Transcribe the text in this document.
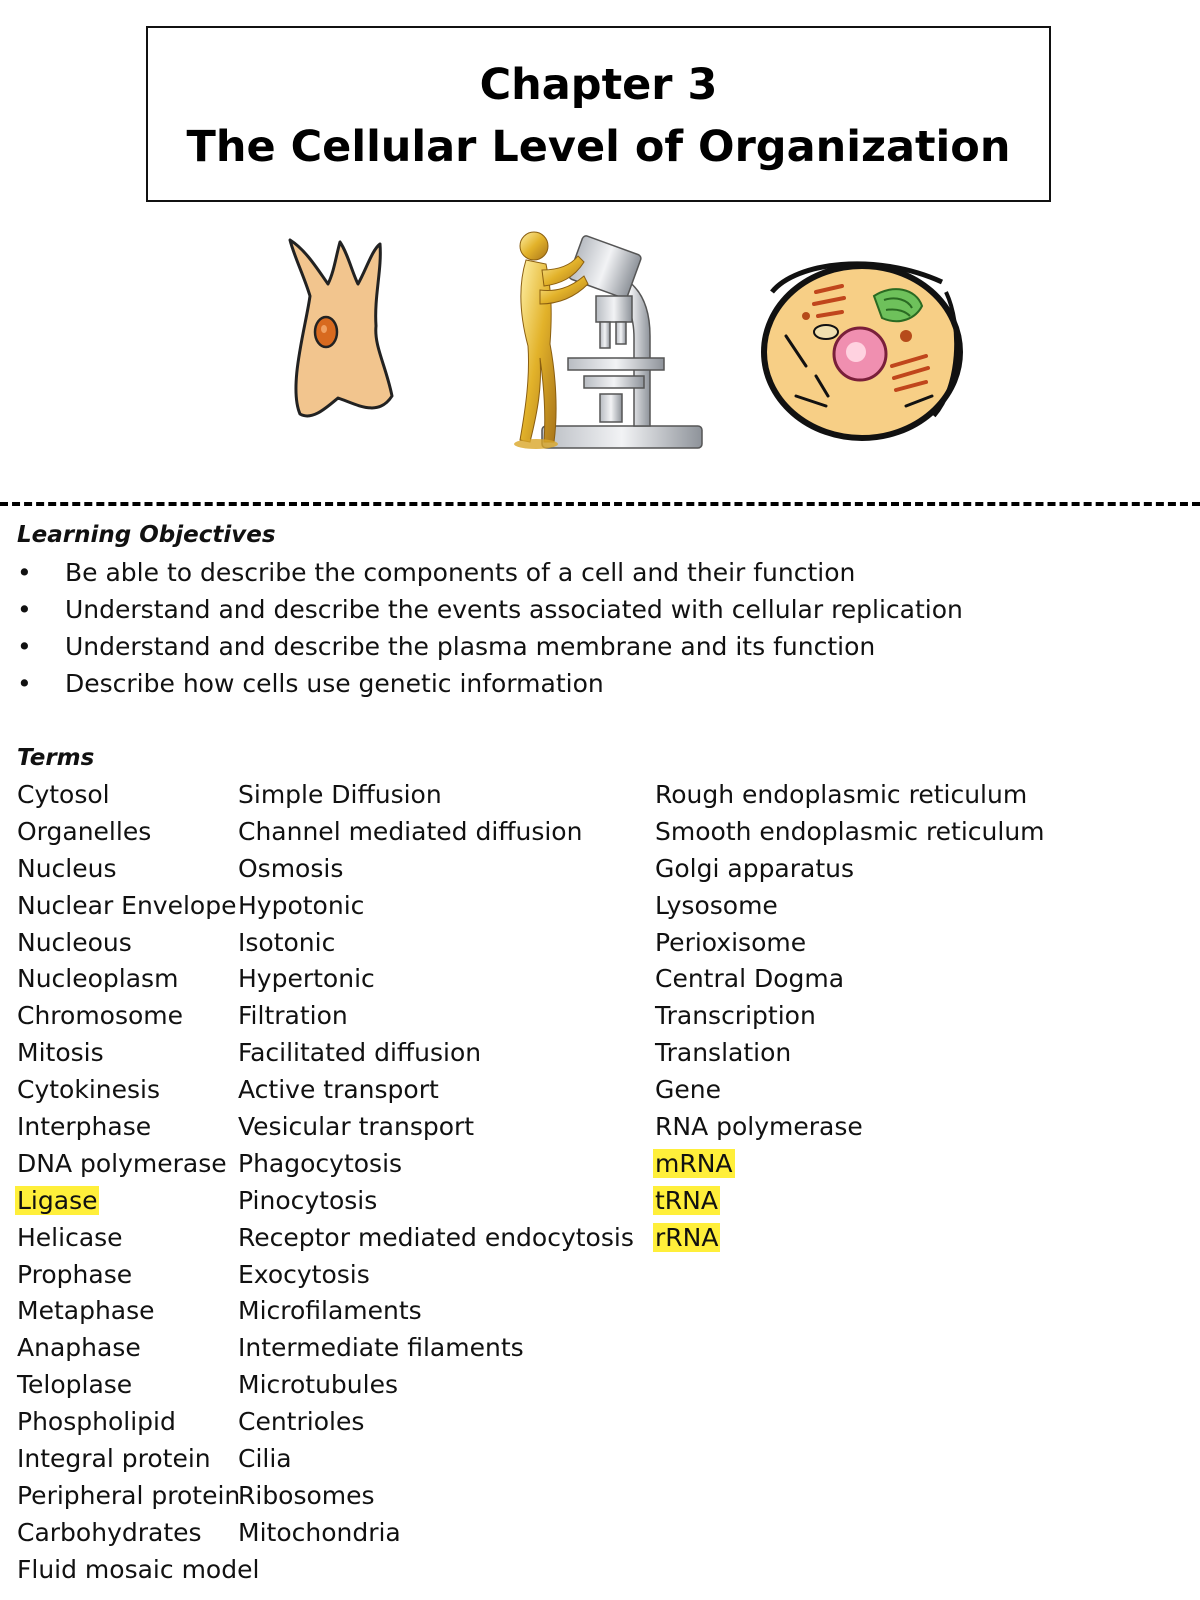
Chapter 3
The Cellular Level of Organization
Learning Objectives
• Be able to describe the components of a cell and their function
• Understand and describe the events associated with cellular replication
• Understand and describe the plasma membrane and its function
• Describe how cells use genetic information
Terms
Cytosol
Organelles
Nucleus
Nuclear Envelope
Nucleous
Nucleoplasm
Chromosome
Mitosis
Cytokinesis
Interphase
DNA polymerase
Ligase
Helicase
Prophase
Metaphase
Anaphase
Teloplase
Phospholipid
Integral protein
Peripheral protein
Carbohydrates
Fluid mosaic model
Simple Diffusion
Channel mediated diffusion
Osmosis
Hypotonic
Isotonic
Hypertonic
Filtration
Facilitated diffusion
Active transport
Vesicular transport
Phagocytosis
Pinocytosis
Receptor mediated endocytosis
Exocytosis
Microfilaments
Intermediate filaments
Microtubules
Centrioles
Cilia
Ribosomes
Mitochondria
Rough endoplasmic reticulum
Smooth endoplasmic reticulum
Golgi apparatus
Lysosome
Perioxisome
Central Dogma
Transcription
Translation
Gene
RNA polymerase
mRNA
tRNA
rRNA
